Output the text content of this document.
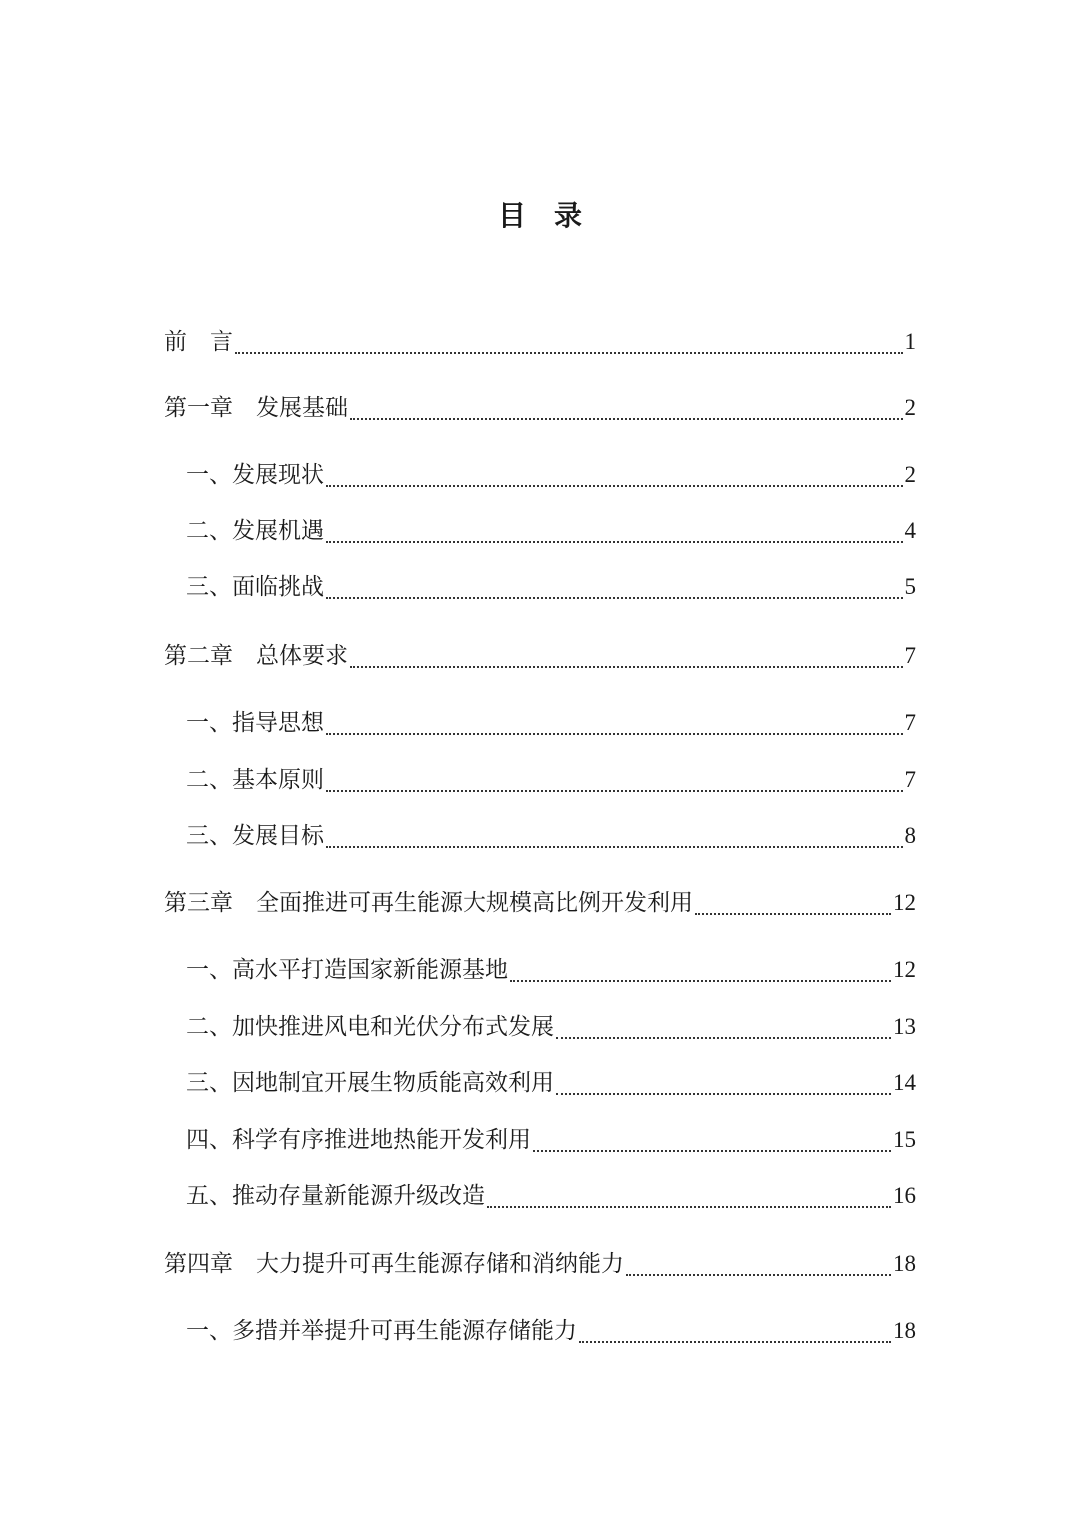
目　录
前　言	1
第一章　发展基础	2
一、发展现状	2
二、发展机遇	4
三、面临挑战	5
第二章　总体要求	7
一、指导思想	7
二、基本原则	7
三、发展目标	8
第三章　全面推进可再生能源大规模高比例开发利用	12
一、高水平打造国家新能源基地	12
二、加快推进风电和光伏分布式发展	13
三、因地制宜开展生物质能高效利用	14
四、科学有序推进地热能开发利用	15
五、推动存量新能源升级改造	16
第四章　大力提升可再生能源存储和消纳能力	18
一、多措并举提升可再生能源存储能力	18
